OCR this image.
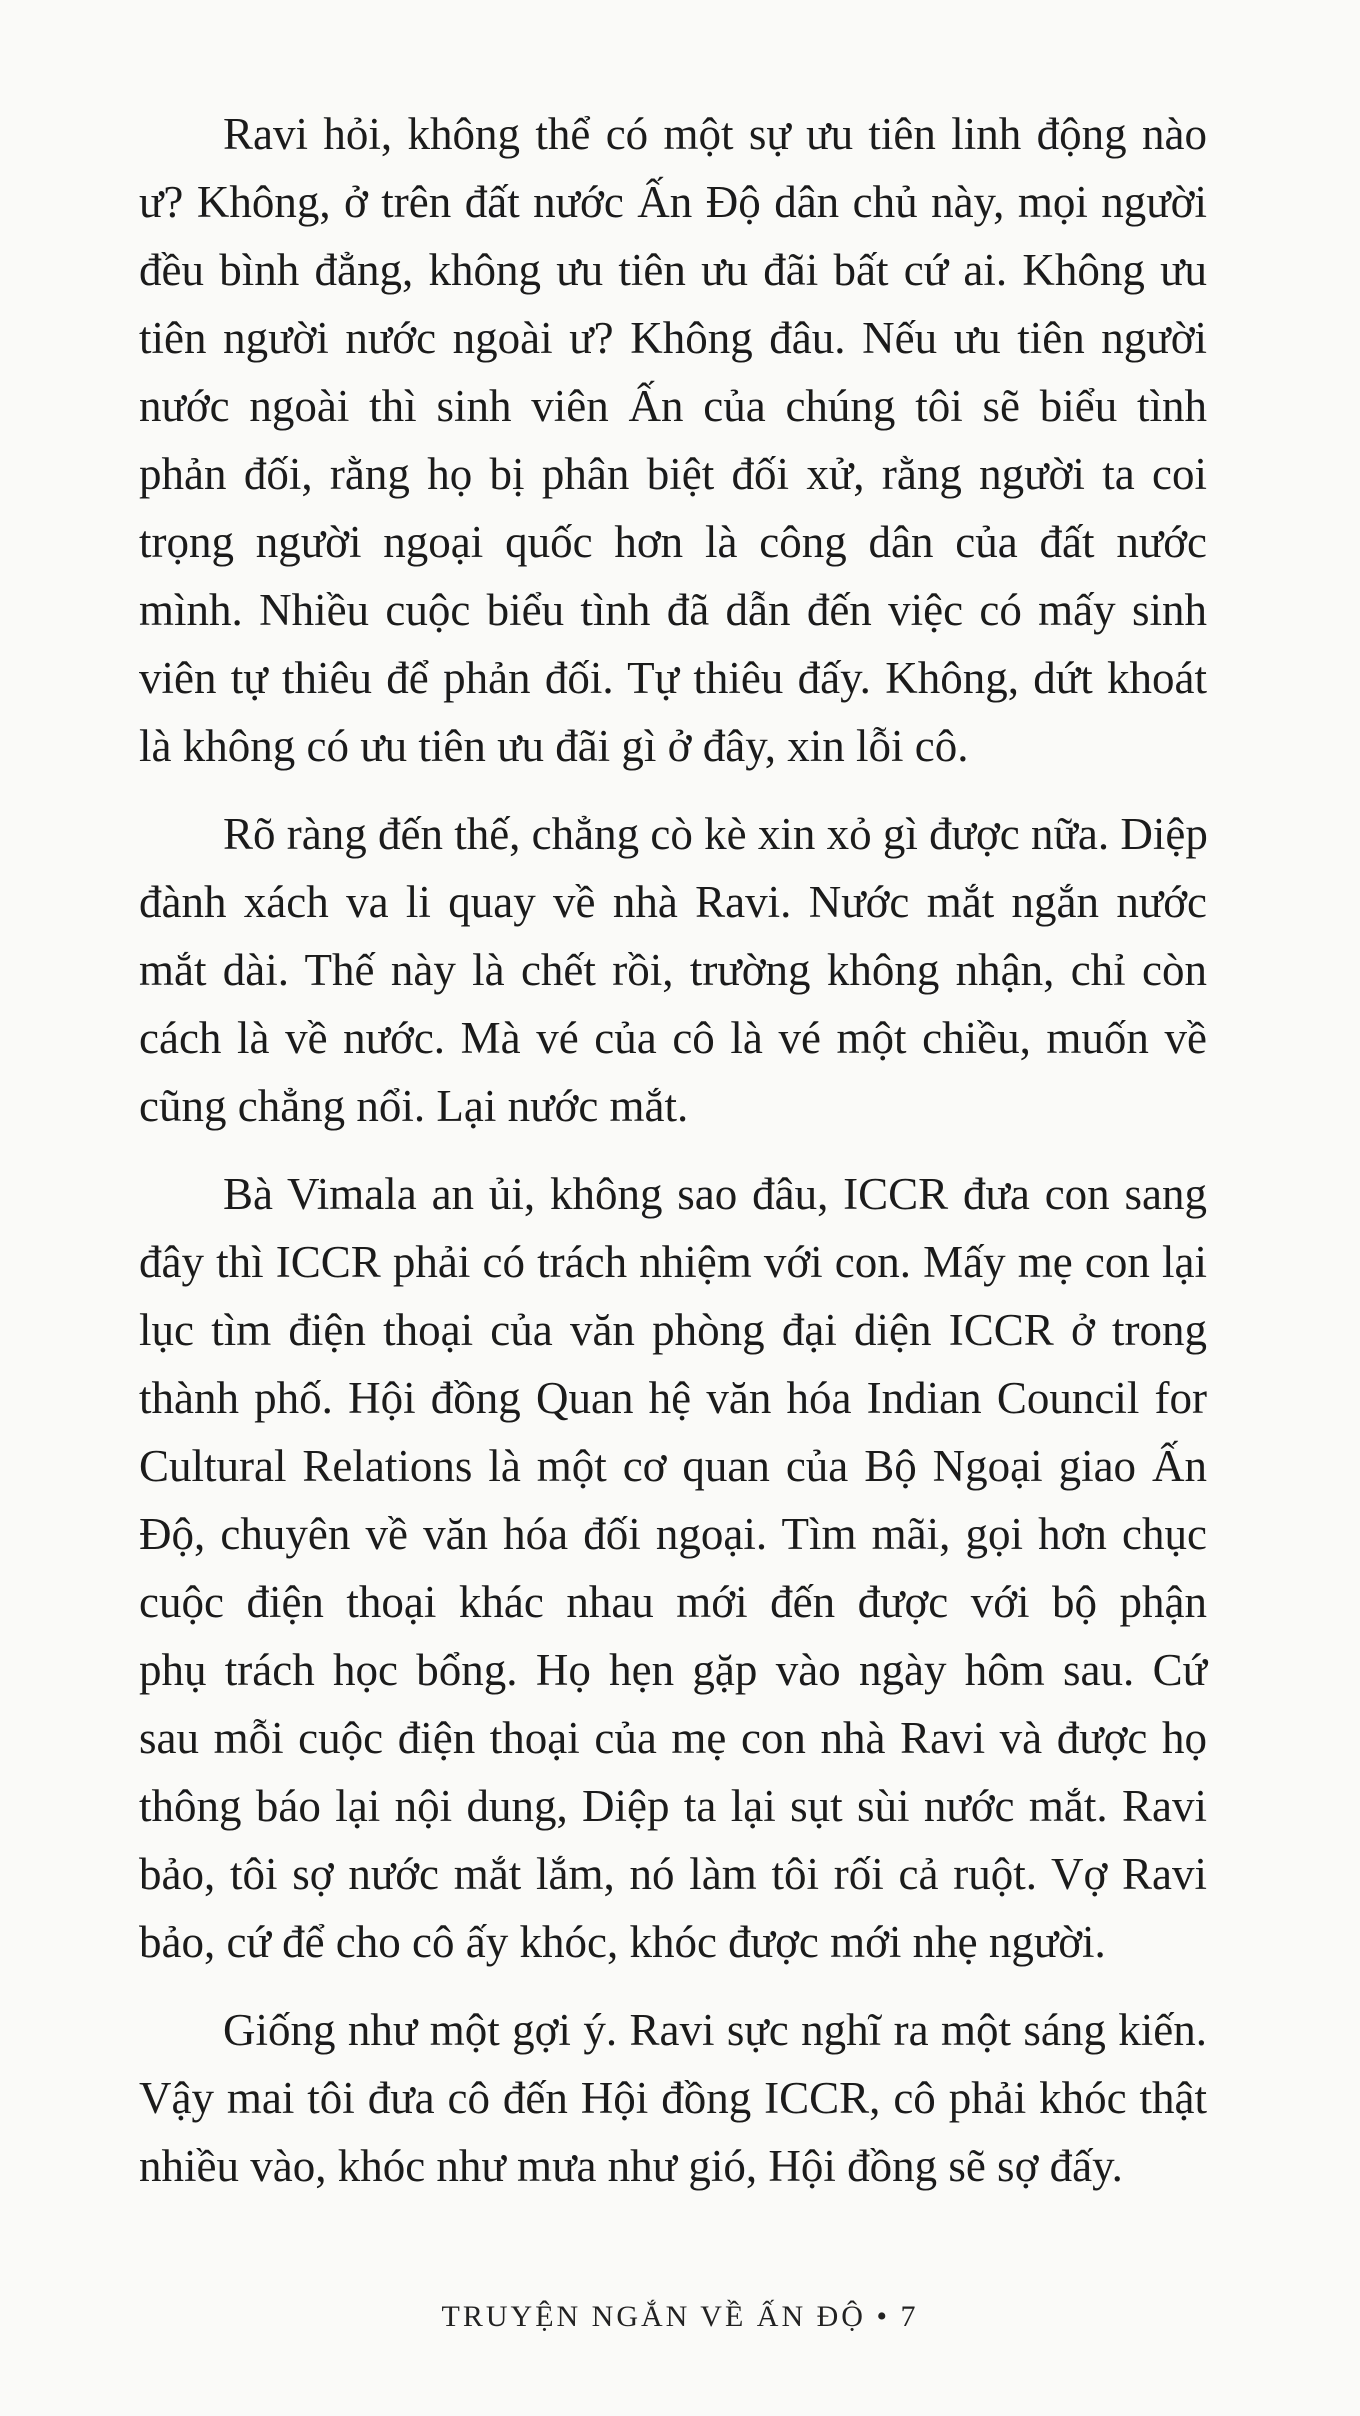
Ravi hỏi, không thể có một sự ưu tiên linh động nào
ư? Không, ở trên đất nước Ấn Độ dân chủ này, mọi người
đều bình đẳng, không ưu tiên ưu đãi bất cứ ai. Không ưu
tiên người nước ngoài ư? Không đâu. Nếu ưu tiên người
nước ngoài thì sinh viên Ấn của chúng tôi sẽ biểu tình
phản đối, rằng họ bị phân biệt đối xử, rằng người ta coi
trọng người ngoại quốc hơn là công dân của đất nước
mình. Nhiều cuộc biểu tình đã dẫn đến việc có mấy sinh
viên tự thiêu để phản đối. Tự thiêu đấy. Không, dứt khoát
là không có ưu tiên ưu đãi gì ở đây, xin lỗi cô.
Rõ ràng đến thế, chẳng cò kè xin xỏ gì được nữa. Diệp
đành xách va li quay về nhà Ravi. Nước mắt ngắn nước
mắt dài. Thế này là chết rồi, trường không nhận, chỉ còn
cách là về nước. Mà vé của cô là vé một chiều, muốn về
cũng chẳng nổi. Lại nước mắt.
Bà Vimala an ủi, không sao đâu, ICCR đưa con sang
đây thì ICCR phải có trách nhiệm với con. Mấy mẹ con lại
lục tìm điện thoại của văn phòng đại diện ICCR ở trong
thành phố. Hội đồng Quan hệ văn hóa Indian Council for
Cultural Relations là một cơ quan của Bộ Ngoại giao Ấn
Độ, chuyên về văn hóa đối ngoại. Tìm mãi, gọi hơn chục
cuộc điện thoại khác nhau mới đến được với bộ phận
phụ trách học bổng. Họ hẹn gặp vào ngày hôm sau. Cứ
sau mỗi cuộc điện thoại của mẹ con nhà Ravi và được họ
thông báo lại nội dung, Diệp ta lại sụt sùi nước mắt. Ravi
bảo, tôi sợ nước mắt lắm, nó làm tôi rối cả ruột. Vợ Ravi
bảo, cứ để cho cô ấy khóc, khóc được mới nhẹ người.
Giống như một gợi ý. Ravi sực nghĩ ra một sáng kiến.
Vậy mai tôi đưa cô đến Hội đồng ICCR, cô phải khóc thật
nhiều vào, khóc như mưa như gió, Hội đồng sẽ sợ đấy.
TRUYỆN NGẮN VỀ ẤN ĐỘ • 7
